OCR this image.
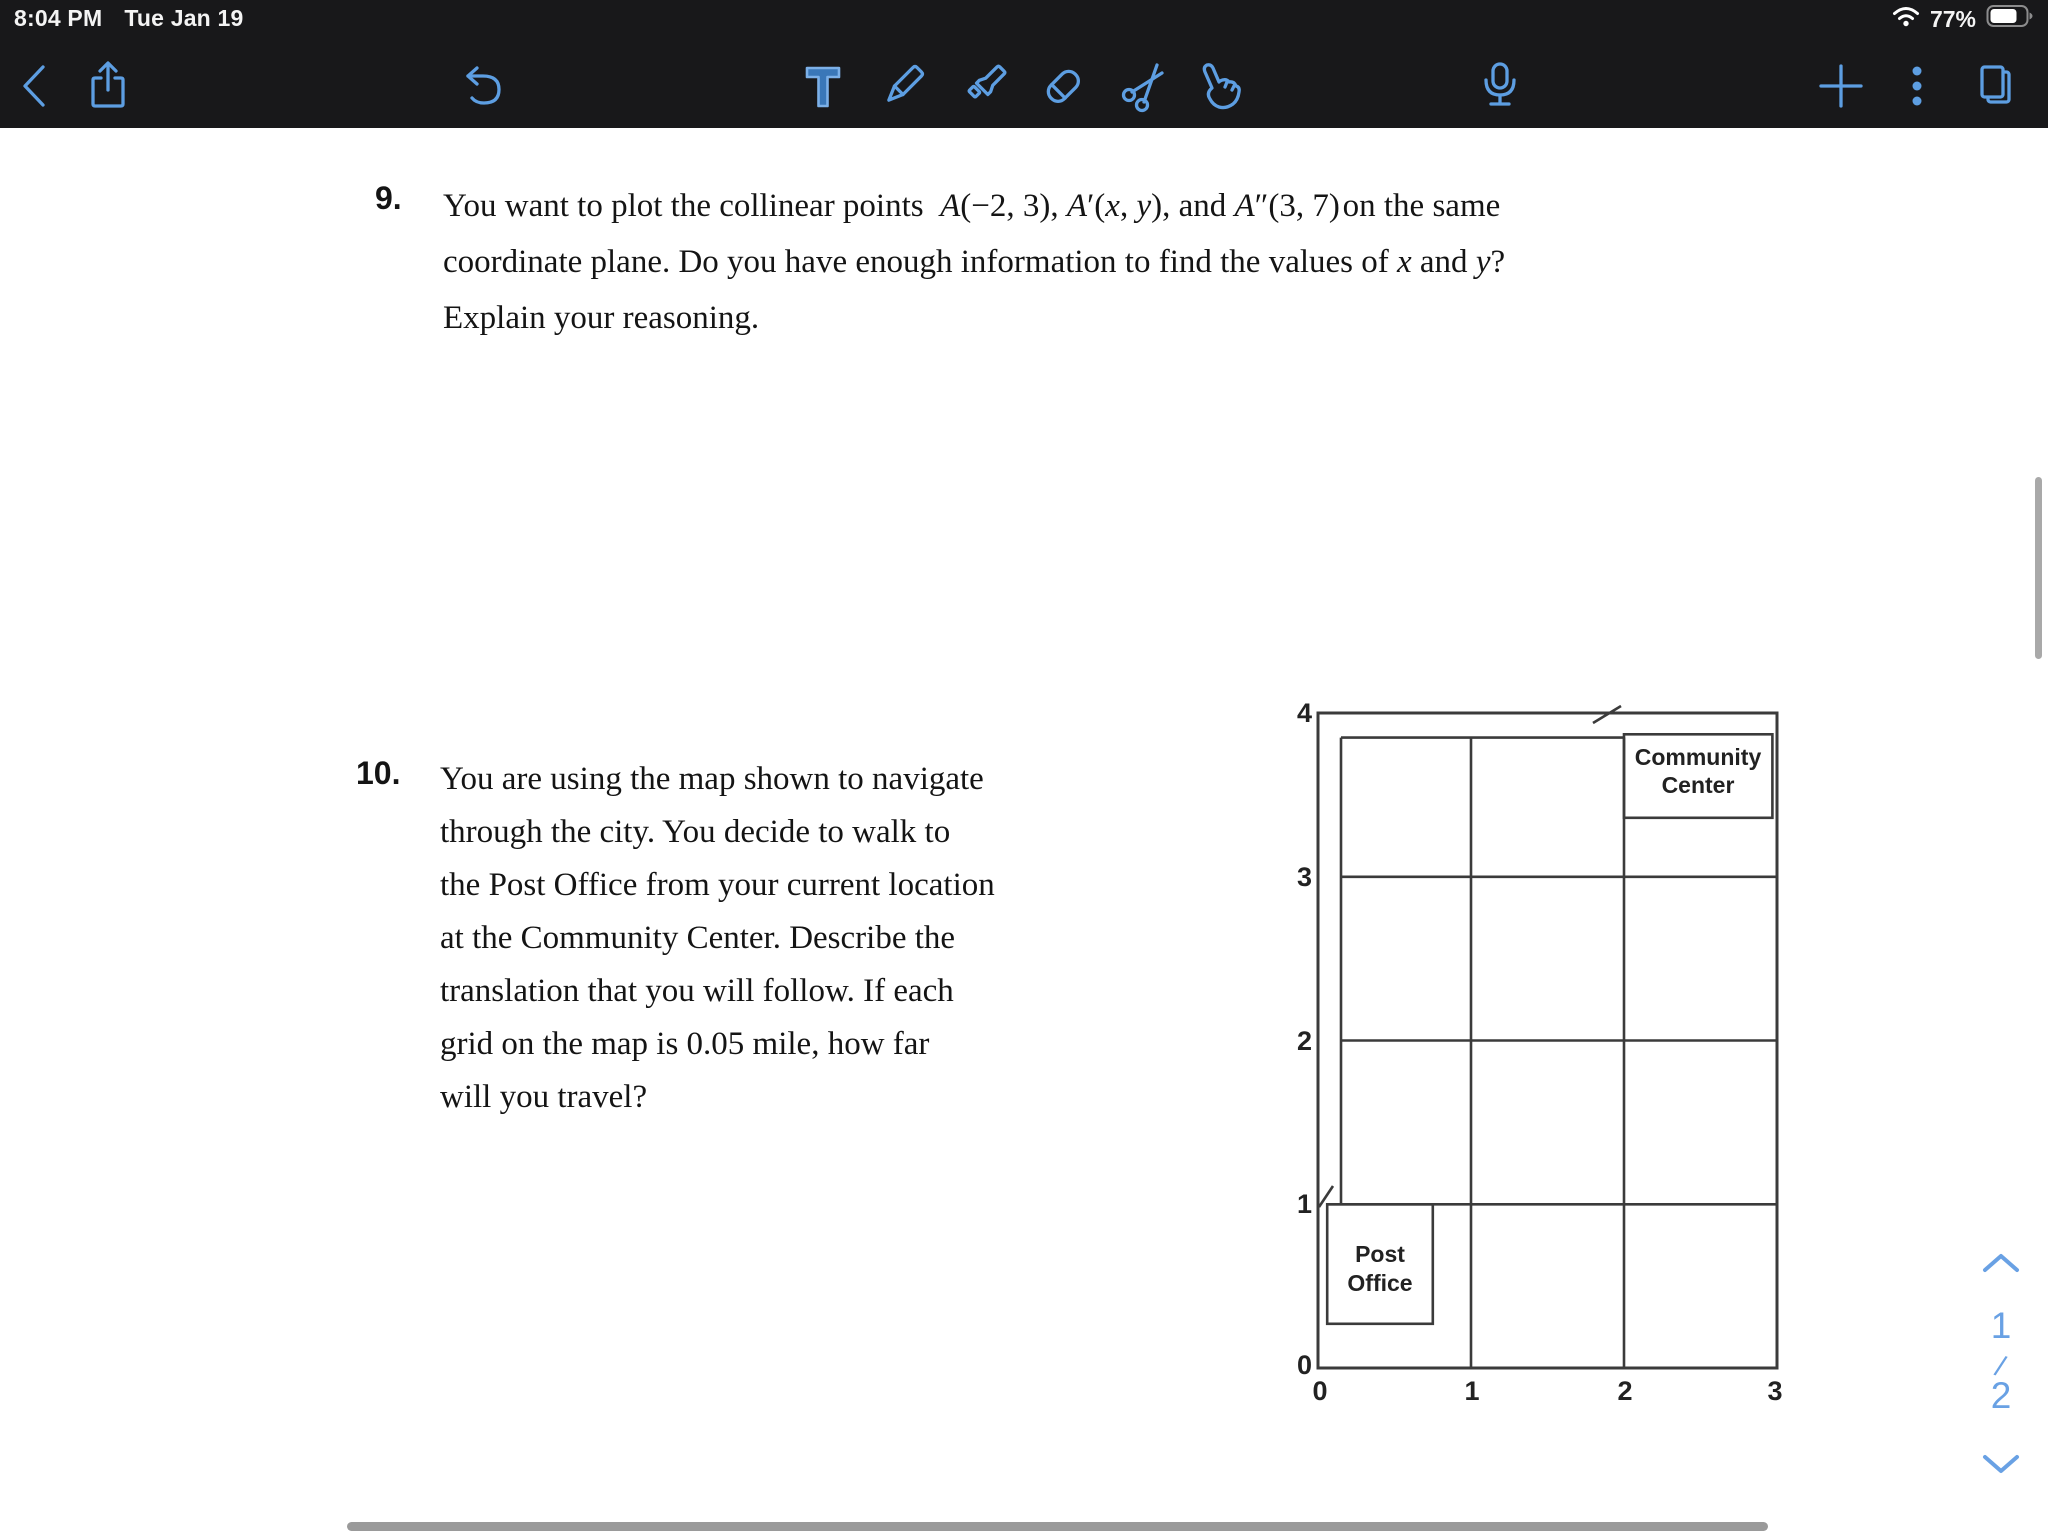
8:04 PM Tue Jan 19	77%
9. You want to plot the collinear points  A(−2, 3), A′(x, y), and A″(3, 7) on the same
coordinate plane. Do you have enough information to find the values of x and y?
Explain your reasoning.
10. You are using the map shown to navigate
through the city. You decide to walk to
the Post Office from your current location
at the Community Center. Describe the
translation that you will follow. If each
grid on the map is 0.05 mile, how far
will you travel?
Community
Center
Post
Office
4
3
2
1
0
0	1	2	3
1
/
2
